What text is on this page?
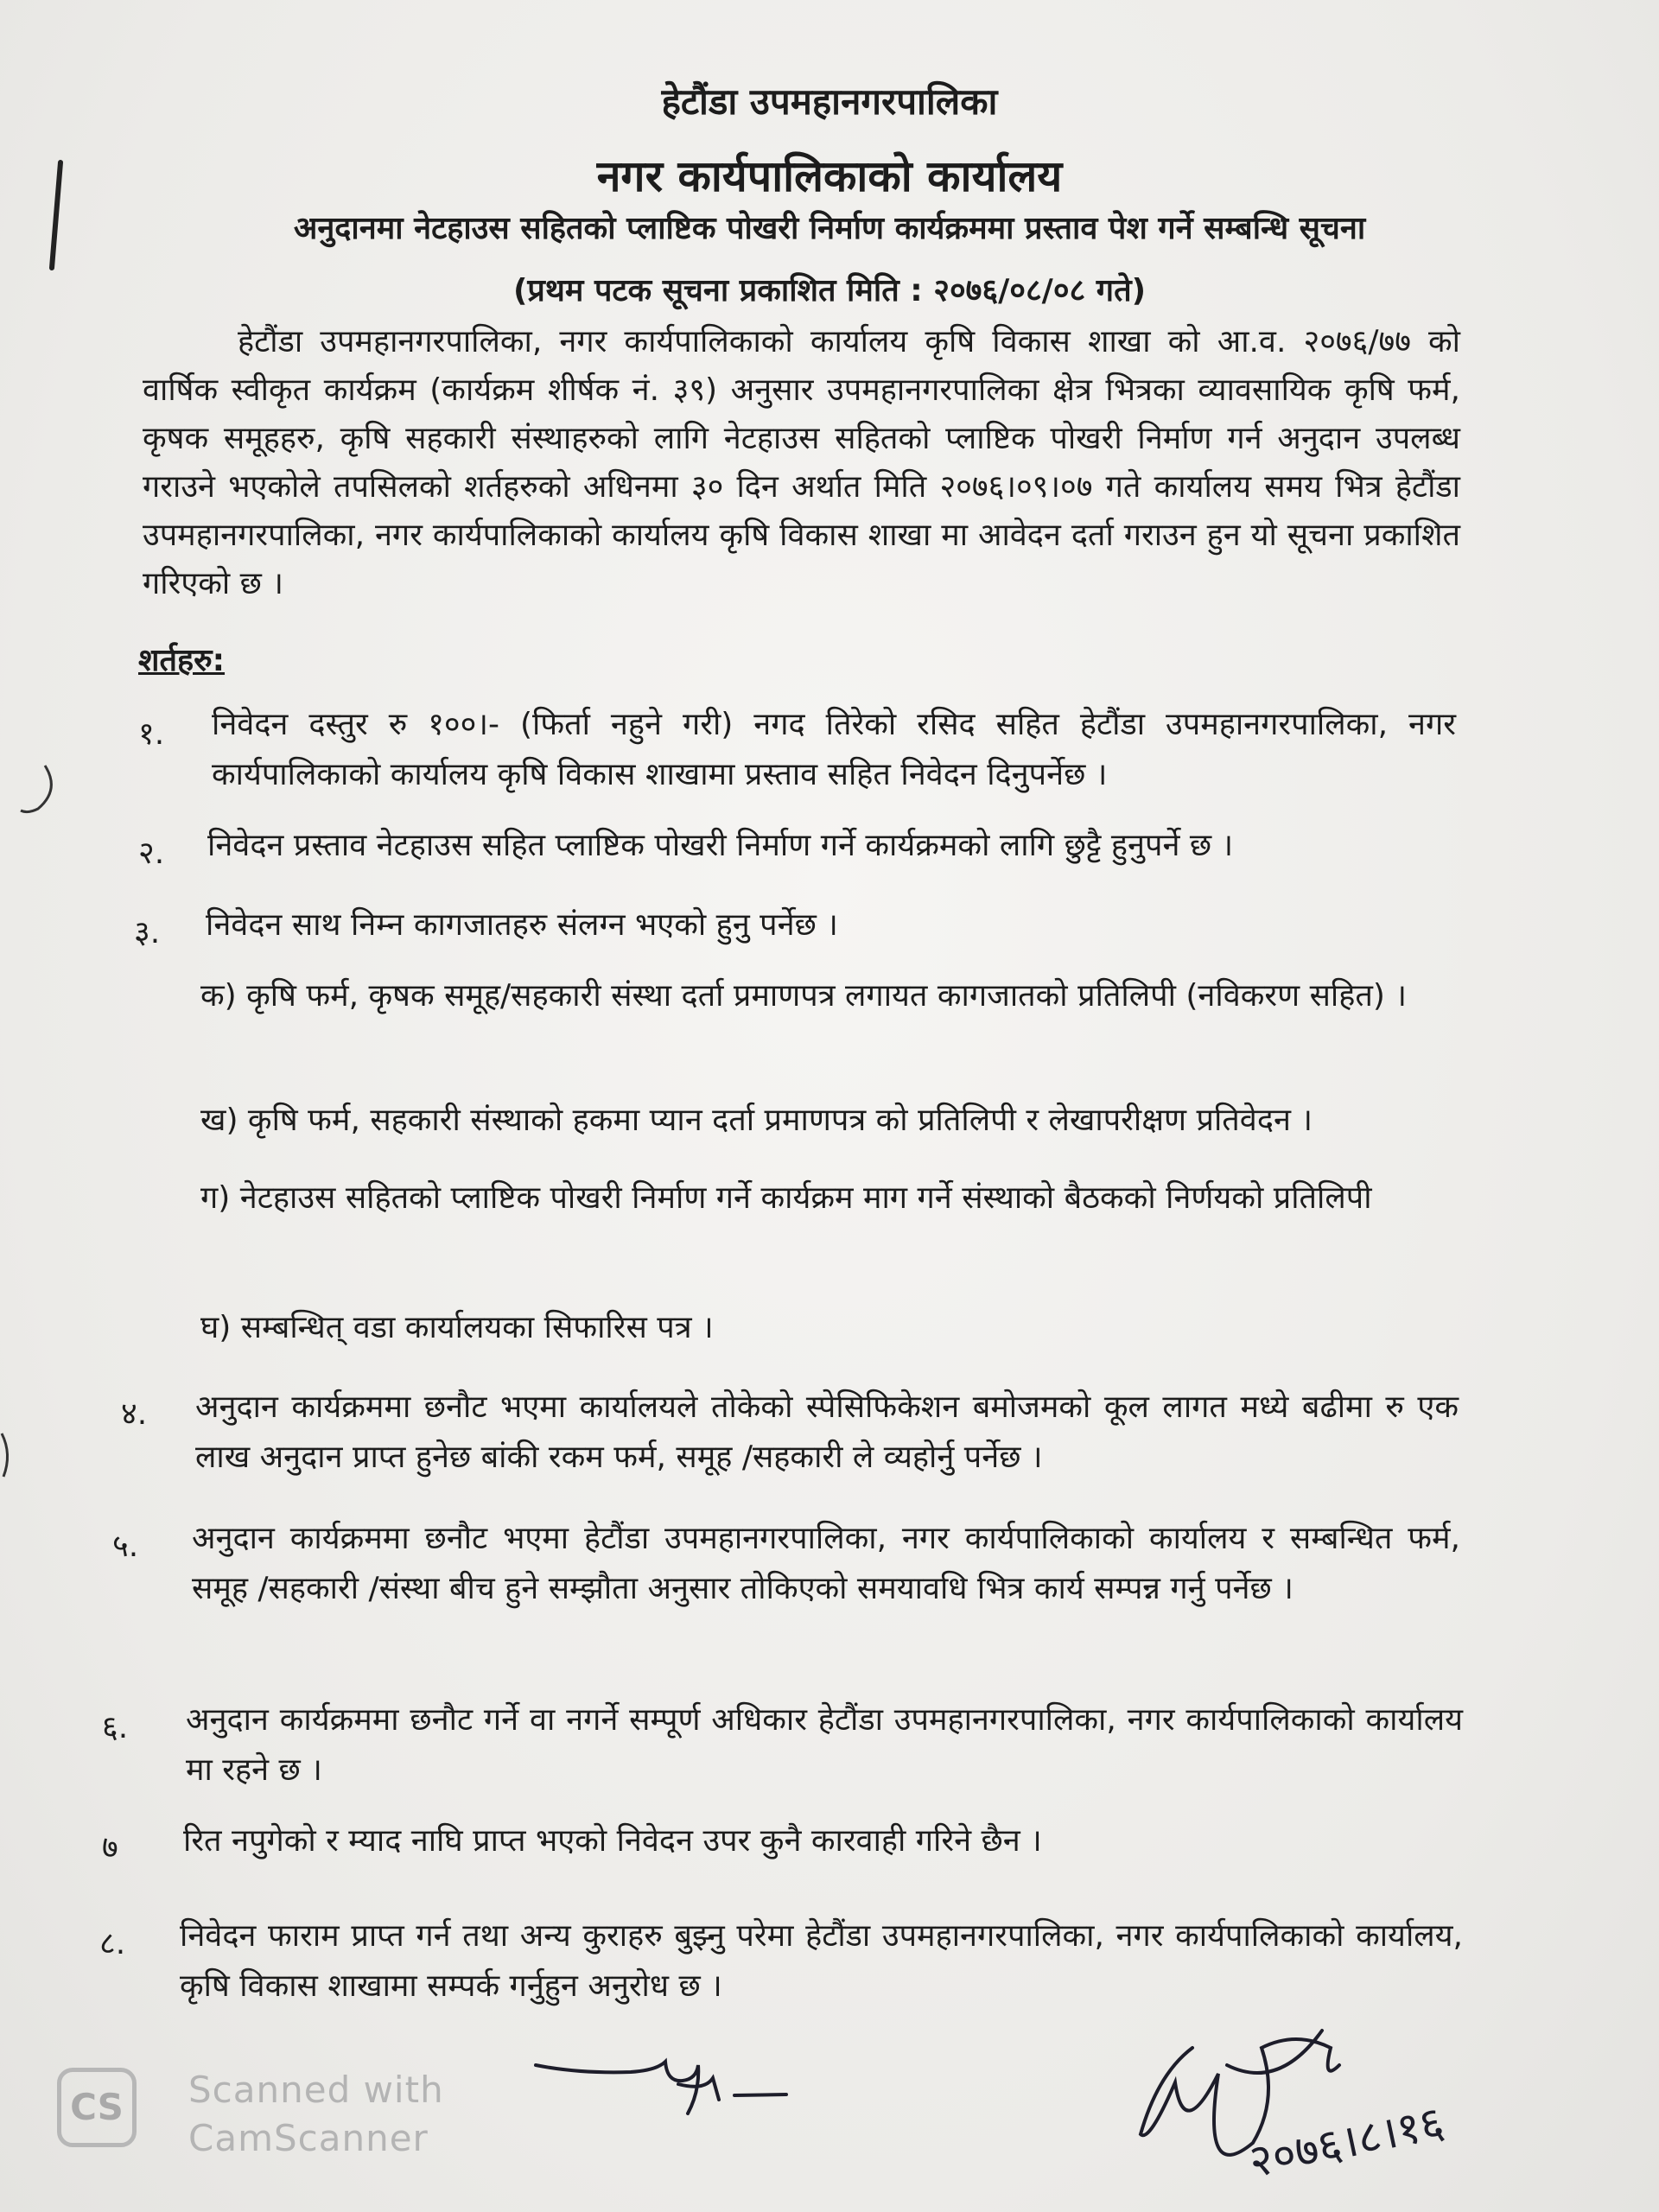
हेटौंडा उपमहानगरपालिका
नगर कार्यपालिकाको कार्यालय
अनुदानमा नेटहाउस सहितको प्लाष्टिक पोखरी निर्माण कार्यक्रममा प्रस्ताव पेश गर्ने सम्बन्धि सूचना
(प्रथम पटक सूचना प्रकाशित मिति : २०७६/०८/०८ गते)
हेटौंडा उपमहानगरपालिका, नगर कार्यपालिकाको कार्यालय कृषि विकास शाखा को आ.व. २०७६/७७ को वार्षिक स्वीकृत कार्यक्रम (कार्यक्रम शीर्षक नं. ३९) अनुसार उपमहानगरपालिका क्षेत्र भित्रका व्यावसायिक कृषि फर्म, कृषक समूहहरु, कृषि सहकारी संस्थाहरुको लागि नेटहाउस सहितको प्लाष्टिक पोखरी निर्माण गर्न अनुदान उपलब्ध गराउने भएकोले तपसिलको शर्तहरुको अधिनमा ३० दिन अर्थात मिति २०७६।०९।०७ गते कार्यालय समय भित्र हेटौंडा उपमहानगरपालिका, नगर कार्यपालिकाको कार्यालय कृषि विकास शाखा मा आवेदन दर्ता गराउन हुन यो सूचना प्रकाशित गरिएको छ ।
शर्तहरु:
१. निवेदन दस्तुर रु १००।- (फिर्ता नहुने गरी) नगद तिरेको रसिद सहित हेटौंडा उपमहानगरपालिका, नगर कार्यपालिकाको कार्यालय कृषि विकास शाखामा प्रस्ताव सहित निवेदन दिनुपर्नेछ ।
२. निवेदन प्रस्ताव नेटहाउस सहित प्लाष्टिक पोखरी निर्माण गर्ने कार्यक्रमको लागि छुट्टै हुनुपर्ने छ ।
३. निवेदन साथ निम्न कागजातहरु संलग्न भएको हुनु पर्नेछ ।
क) कृषि फर्म, कृषक समूह/सहकारी संस्था दर्ता प्रमाणपत्र लगायत कागजातको प्रतिलिपी (नविकरण सहित) ।
ख) कृषि फर्म, सहकारी संस्थाको हकमा प्यान दर्ता प्रमाणपत्र को प्रतिलिपी र लेखापरीक्षण प्रतिवेदन ।
ग) नेटहाउस सहितको प्लाष्टिक पोखरी निर्माण गर्ने कार्यक्रम माग गर्ने संस्थाको बैठकको निर्णयको प्रतिलिपी
घ) सम्बन्धित् वडा कार्यालयका सिफारिस पत्र ।
४. अनुदान कार्यक्रममा छनौट भएमा कार्यालयले तोकेको स्पेसिफिकेशन बमोजमको कूल लागत मध्ये बढीमा रु एक लाख अनुदान प्राप्त हुनेछ बांकी रकम फर्म, समूह /सहकारी ले व्यहोर्नु पर्नेछ ।
५. अनुदान कार्यक्रममा छनौट भएमा हेटौंडा उपमहानगरपालिका, नगर कार्यपालिकाको कार्यालय र सम्बन्धित फर्म, समूह /सहकारी /संस्था बीच हुने सम्झौता अनुसार तोकिएको समयावधि भित्र कार्य सम्पन्न गर्नु पर्नेछ ।
६. अनुदान कार्यक्रममा छनौट गर्ने वा नगर्ने सम्पूर्ण अधिकार हेटौंडा उपमहानगरपालिका, नगर कार्यपालिकाको कार्यालय मा रहने छ ।
७ रित नपुगेको र म्याद नाघि प्राप्त भएको निवेदन उपर कुनै कारवाही गरिने छैन ।
८. निवेदन फाराम प्राप्त गर्न तथा अन्य कुराहरु बुझ्नु परेमा हेटौंडा उपमहानगरपालिका, नगर कार्यपालिकाको कार्यालय, कृषि विकास शाखामा सम्पर्क गर्नुहुन अनुरोध छ ।
२०७६।८।१६
CS Scanned with
CamScanner
